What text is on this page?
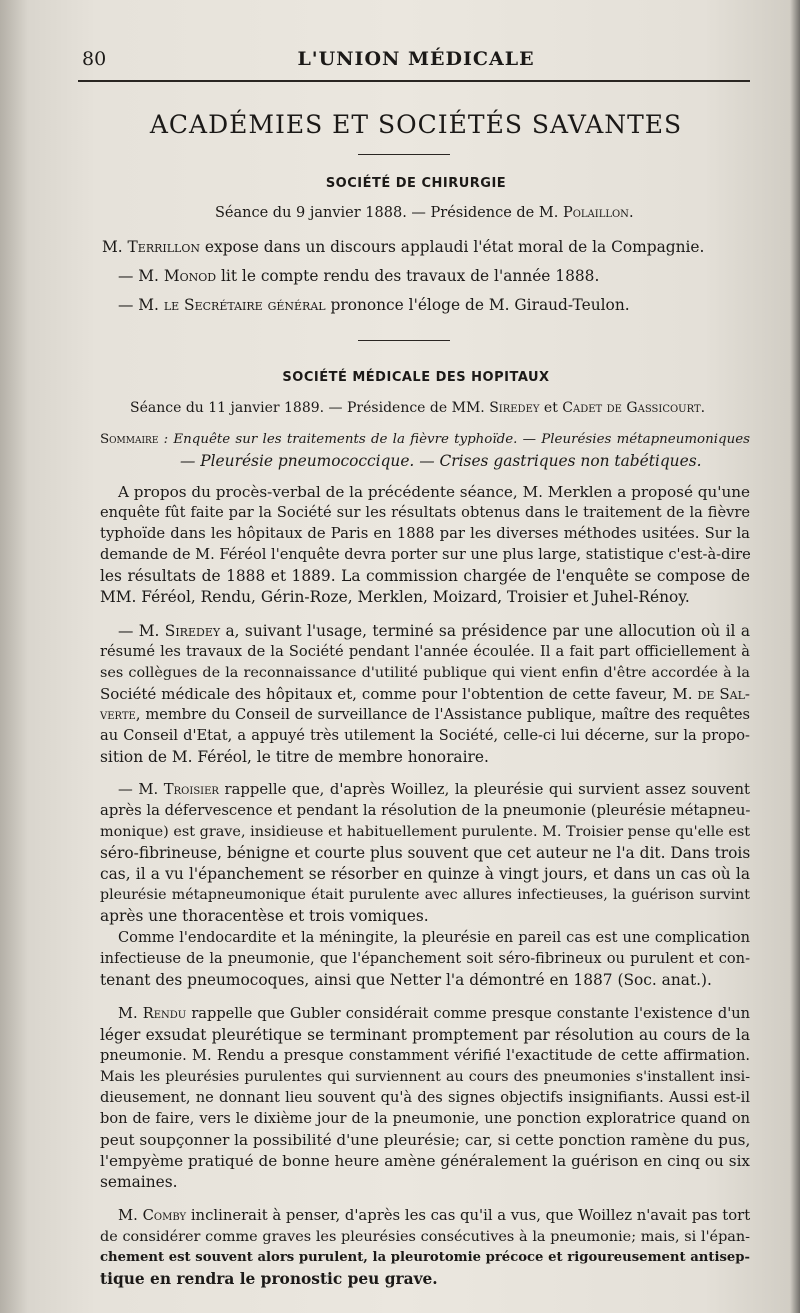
80	L'UNION MÉDICALE
ACADÉMIES ET SOCIÉTÉS SAVANTES
SOCIÉTÉ DE CHIRURGIE
Séance du 9 janvier 1888. — Présidence de M. Polaillon.
M. Terrillon expose dans un discours applaudi l'état moral de la Compagnie.
— M. Monod lit le compte rendu des travaux de l'année 1888.
— M. le Secrétaire général prononce l'éloge de M. Giraud-Teulon.
SOCIÉTÉ MÉDICALE DES HOPITAUX
Séance du 11 janvier 1889. — Présidence de MM. Siredey et Cadet de Gassicourt.
Sommaire : Enquête sur les traitements de la fièvre typhoïde. — Pleurésies métapneumoniques
— Pleurésie pneumococcique. — Crises gastriques non tabétiques.
A propos du procès-verbal de la précédente séance, M. Merklen a proposé qu'une
enquête fût faite par la Société sur les résultats obtenus dans le traitement de la fièvre
typhoïde dans les hôpitaux de Paris en 1888 par les diverses méthodes usitées. Sur la
demande de M. Féréol l'enquête devra porter sur une plus large, statistique c'est-à-dire
les résultats de 1888 et 1889. La commission chargée de l'enquête se compose de
MM. Féréol, Rendu, Gérin-Roze, Merklen, Moizard, Troisier et Juhel-Rénoy.
— M. Siredey a, suivant l'usage, terminé sa présidence par une allocution où il a
résumé les travaux de la Société pendant l'année écoulée. Il a fait part officiellement à
ses collègues de la reconnaissance d'utilité publique qui vient enfin d'être accordée à la
Société médicale des hôpitaux et, comme pour l'obtention de cette faveur, M. de Sal-
verte, membre du Conseil de surveillance de l'Assistance publique, maître des requêtes
au Conseil d'Etat, a appuyé très utilement la Société, celle-ci lui décerne, sur la propo-
sition de M. Féréol, le titre de membre honoraire.
— M. Troisier rappelle que, d'après Woillez, la pleurésie qui survient assez souvent
après la défervescence et pendant la résolution de la pneumonie (pleurésie métapneu-
monique) est grave, insidieuse et habituellement purulente. M. Troisier pense qu'elle est
séro-fibrineuse, bénigne et courte plus souvent que cet auteur ne l'a dit. Dans trois
cas, il a vu l'épanchement se résorber en quinze à vingt jours, et dans un cas où la
pleurésie métapneumonique était purulente avec allures infectieuses, la guérison survint
après une thoracentèse et trois vomiques.
Comme l'endocardite et la méningite, la pleurésie en pareil cas est une complication
infectieuse de la pneumonie, que l'épanchement soit séro-fibrineux ou purulent et con-
tenant des pneumocoques, ainsi que Netter l'a démontré en 1887 (Soc. anat.).
M. Rendu rappelle que Gubler considérait comme presque constante l'existence d'un
léger exsudat pleurétique se terminant promptement par résolution au cours de la
pneumonie. M. Rendu a presque constamment vérifié l'exactitude de cette affirmation.
Mais les pleurésies purulentes qui surviennent au cours des pneumonies s'installent insi-
dieusement, ne donnant lieu souvent qu'à des signes objectifs insignifiants. Aussi est-il
bon de faire, vers le dixième jour de la pneumonie, une ponction exploratrice quand on
peut soupçonner la possibilité d'une pleurésie; car, si cette ponction ramène du pus,
l'empyème pratiqué de bonne heure amène généralement la guérison en cinq ou six
semaines.
M. Comby inclinerait à penser, d'après les cas qu'il a vus, que Woillez n'avait pas tort
de considérer comme graves les pleurésies consécutives à la pneumonie; mais, si l'épan-
chement est souvent alors purulent, la pleurotomie précoce et rigoureusement antisep-
tique en rendra le pronostic peu grave.
